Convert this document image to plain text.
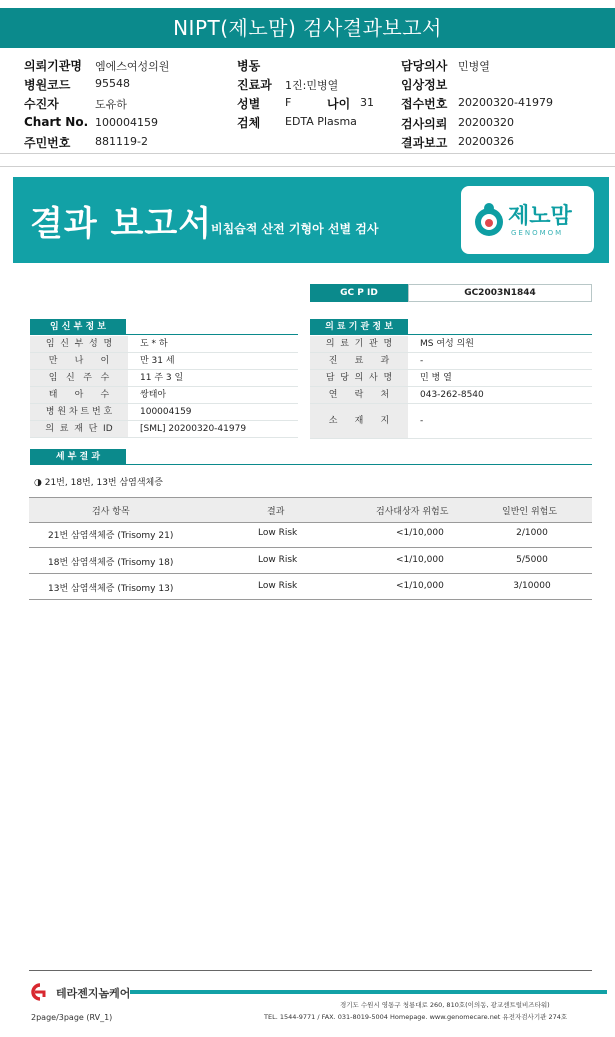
NIPT(제노맘) 검사결과보고서
의뢰기관명 엠에스여성의원
병원코드 95548
수진자	도유하
Chart No. 100004159
주민번호 881119-2
병동
진료과 1진:민병열
성별 F	나이 31
검체 EDTA Plasma
담당의사 민병열
임상정보
접수번호 20200320-41979
검사의뢰 20200320
결과보고 20200326
결과 보고서
비침습적 산전 기형아 선별 검사	제노맘
GENOMOM
GC P ID	GC2003N1844
임 신 부 정 보
임  신  부  성  명	도 * 하
만      나      이	만 31 세
임   신   주   수	11 주 3 일
태      아      수	쌍태아
병 원 차 트 번 호	100004159
의  료  재  단  ID	[SML] 20200320-41979
의 료 기 관 정 보
의  료  기  관  명	MS 여성 의원
진      료      과	-
담  당  의  사  명	민 병 열
연      락      처	043-262-8540
소      재      지	-
세 부 결 과
◑ 21번, 18번, 13번 삼염색체증
검사 항목	결과	검사대상자 위험도	일반인 위험도
21번 삼염색체증 (Trisomy 21)	Low Risk	<1/10,000	2/1000
18번 삼염색체증 (Trisomy 18)	Low Risk	<1/10,000	5/5000
13번 삼염색체증 (Trisomy 13)	Low Risk	<1/10,000	3/10000
테라젠지놈케어
경기도 수원시 영통구 청룡대로 260, 810호(이의동, 광교센트럴비즈타워)
TEL. 1544-9771 / FAX. 031-8019-5004 Homepage. www.genomecare.net 유전자검사기관 274호
2page/3page (RV_1)
